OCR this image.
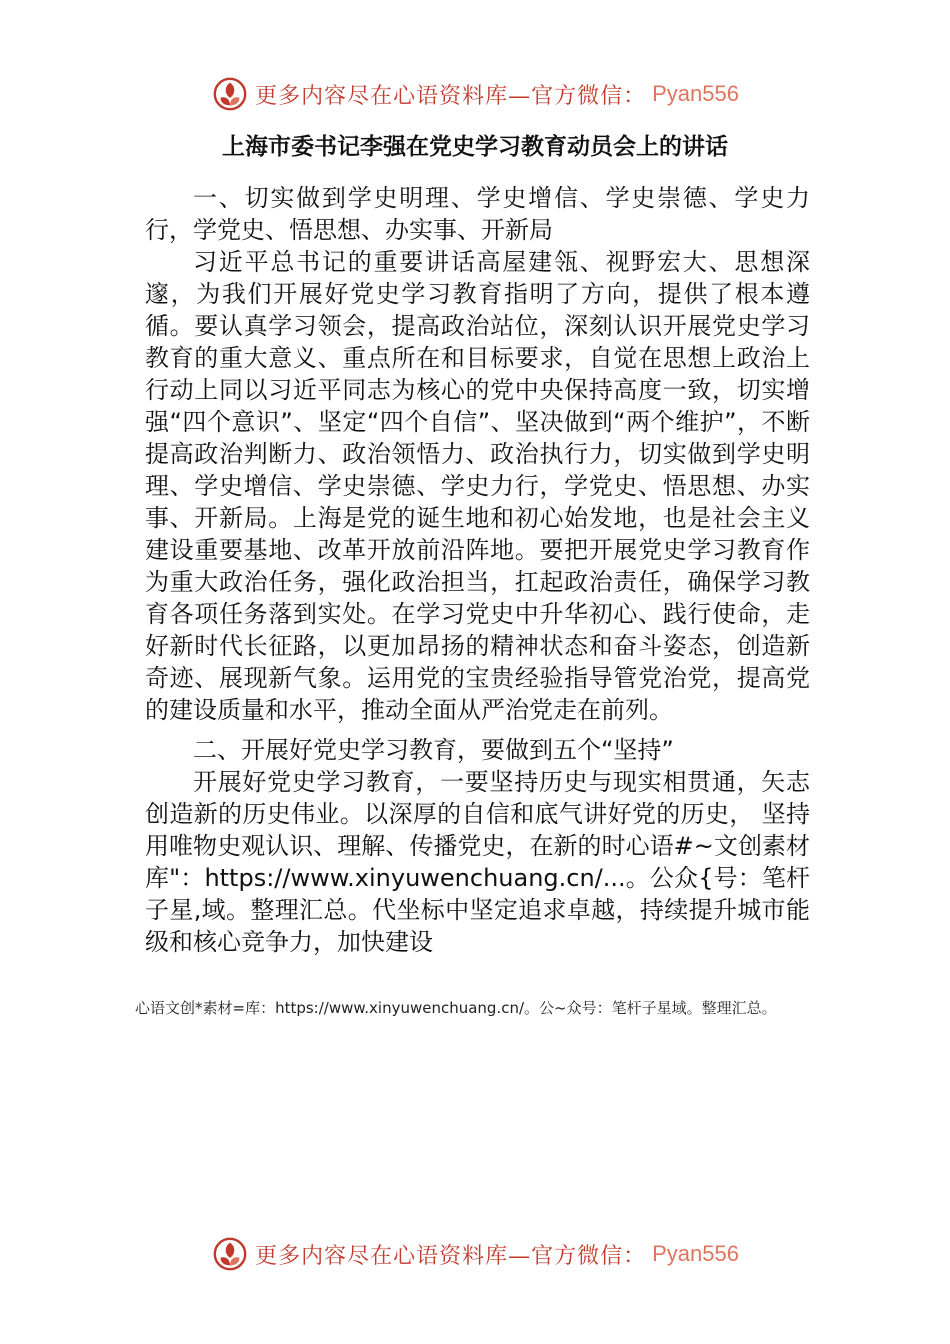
更多内容尽在心语资料库—官方微信： Pyan556
上海市委书记李强在党史学习教育动员会上的讲话

一、切实做到学史明理、学史增信、学史崇德、学史力行，学党史、悟思想、办实事、开新局

习近平总书记的重要讲话高屋建瓴、视野宏大、思想深邃，为我们开展好党史学习教育指明了方向，提供了根本遵循。要认真学习领会，提高政治站位，深刻认识开展党史学习教育的重大意义、重点所在和目标要求，自觉在思想上政治上行动上同以习近平同志为核心的党中央保持高度一致，切实增强“四个意识”、坚定“四个自信”、坚决做到“两个维护”，不断提高政治判断力、政治领悟力、政治执行力，切实做到学史明理、学史增信、学史崇德、学史力行，学党史、悟思想、办实事、开新局。上海是党的诞生地和初心始发地，也是社会主义建设重要基地、改革开放前沿阵地。要把开展党史学习教育作为重大政治任务，强化政治担当，扛起政治责任，确保学习教育各项任务落到实处。在学习党史中升华初心、践行使命，走好新时代长征路，以更加昂扬的精神状态和奋斗姿态，创造新奇迹、展现新气象。运用党的宝贵经验指导管党治党，提高党的建设质量和水平，推动全面从严治党走在前列。

二、开展好党史学习教育，要做到五个“坚持”

开展好党史学习教育，一要坚持历史与现实相贯通，矢志创造新的历史伟业。以深厚的自信和底气讲好党的历史， 坚持用唯物史观认识、理解、传播党史，在新的时心语#~文创素材库"：https://www.xinyuwenchuang.cn/...。公众{号：笔杆子星,域。整理汇总。代坐标中坚定追求卓越，持续提升城市能级和核心竞争力，加快建设

心语文创*素材=库：https://www.xinyuwenchuang.cn/。公~众号：笔杆子星域。整理汇总。
更多内容尽在心语资料库—官方微信： Pyan556
